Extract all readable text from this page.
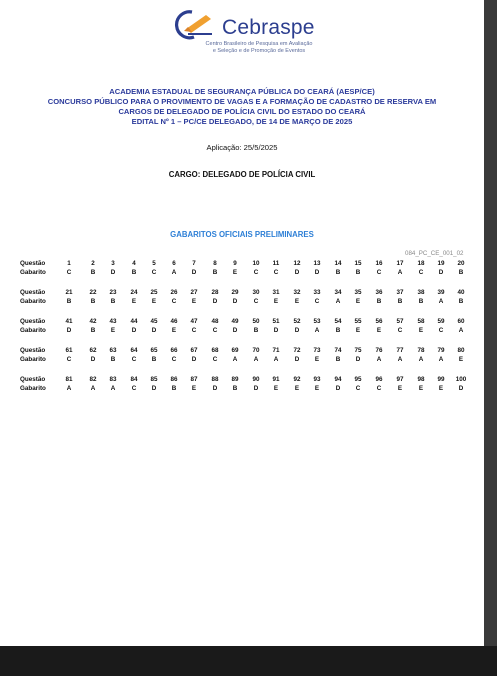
Cebraspe
Centro Brasileiro de Pesquisa em Avaliação
e Seleção e de Promoção de Eventos
ACADEMIA ESTADUAL DE SEGURANÇA PÚBLICA DO CEARÁ (AESP/CE)
CONCURSO PÚBLICO PARA O PROVIMENTO DE VAGAS E A FORMAÇÃO DE CADASTRO DE RESERVA EM
CARGOS DE DELEGADO DE POLÍCIA CIVIL DO ESTADO DO CEARÁ
EDITAL Nº 1 – PC/CE DELEGADO, DE 14 DE MARÇO DE 2025
Aplicação: 25/5/2025
CARGO: DELEGADO DE POLÍCIA CIVIL
GABARITOS OFICIAIS PRELIMINARES
084_PC_CE_001_02
Questão	1	2	3	4	5	6	7	8	9	10	11	12	13	14	15	16	17	18	19	20
Gabarito	C	B	D	B	C	A	D	B	E	C	C	D	D	B	B	C	A	C	D	B
Questão	21	22	23	24	25	26	27	28	29	30	31	32	33	34	35	36	37	38	39	40
Gabarito	B	B	B	E	E	C	E	D	D	C	E	E	C	A	E	B	B	B	A	B
Questão	41	42	43	44	45	46	47	48	49	50	51	52	53	54	55	56	57	58	59	60
Gabarito	D	B	E	D	D	E	C	C	D	B	D	D	A	B	E	E	C	E	C	A
Questão	61	62	63	64	65	66	67	68	69	70	71	72	73	74	75	76	77	78	79	80
Gabarito	C	D	B	C	B	C	D	C	A	A	A	D	E	B	D	A	A	A	A	E
Questão	81	82	83	84	85	86	87	88	89	90	91	92	93	94	95	96	97	98	99	100
Gabarito	A	A	A	C	D	B	E	D	B	D	E	E	E	D	C	C	E	E	E	D
